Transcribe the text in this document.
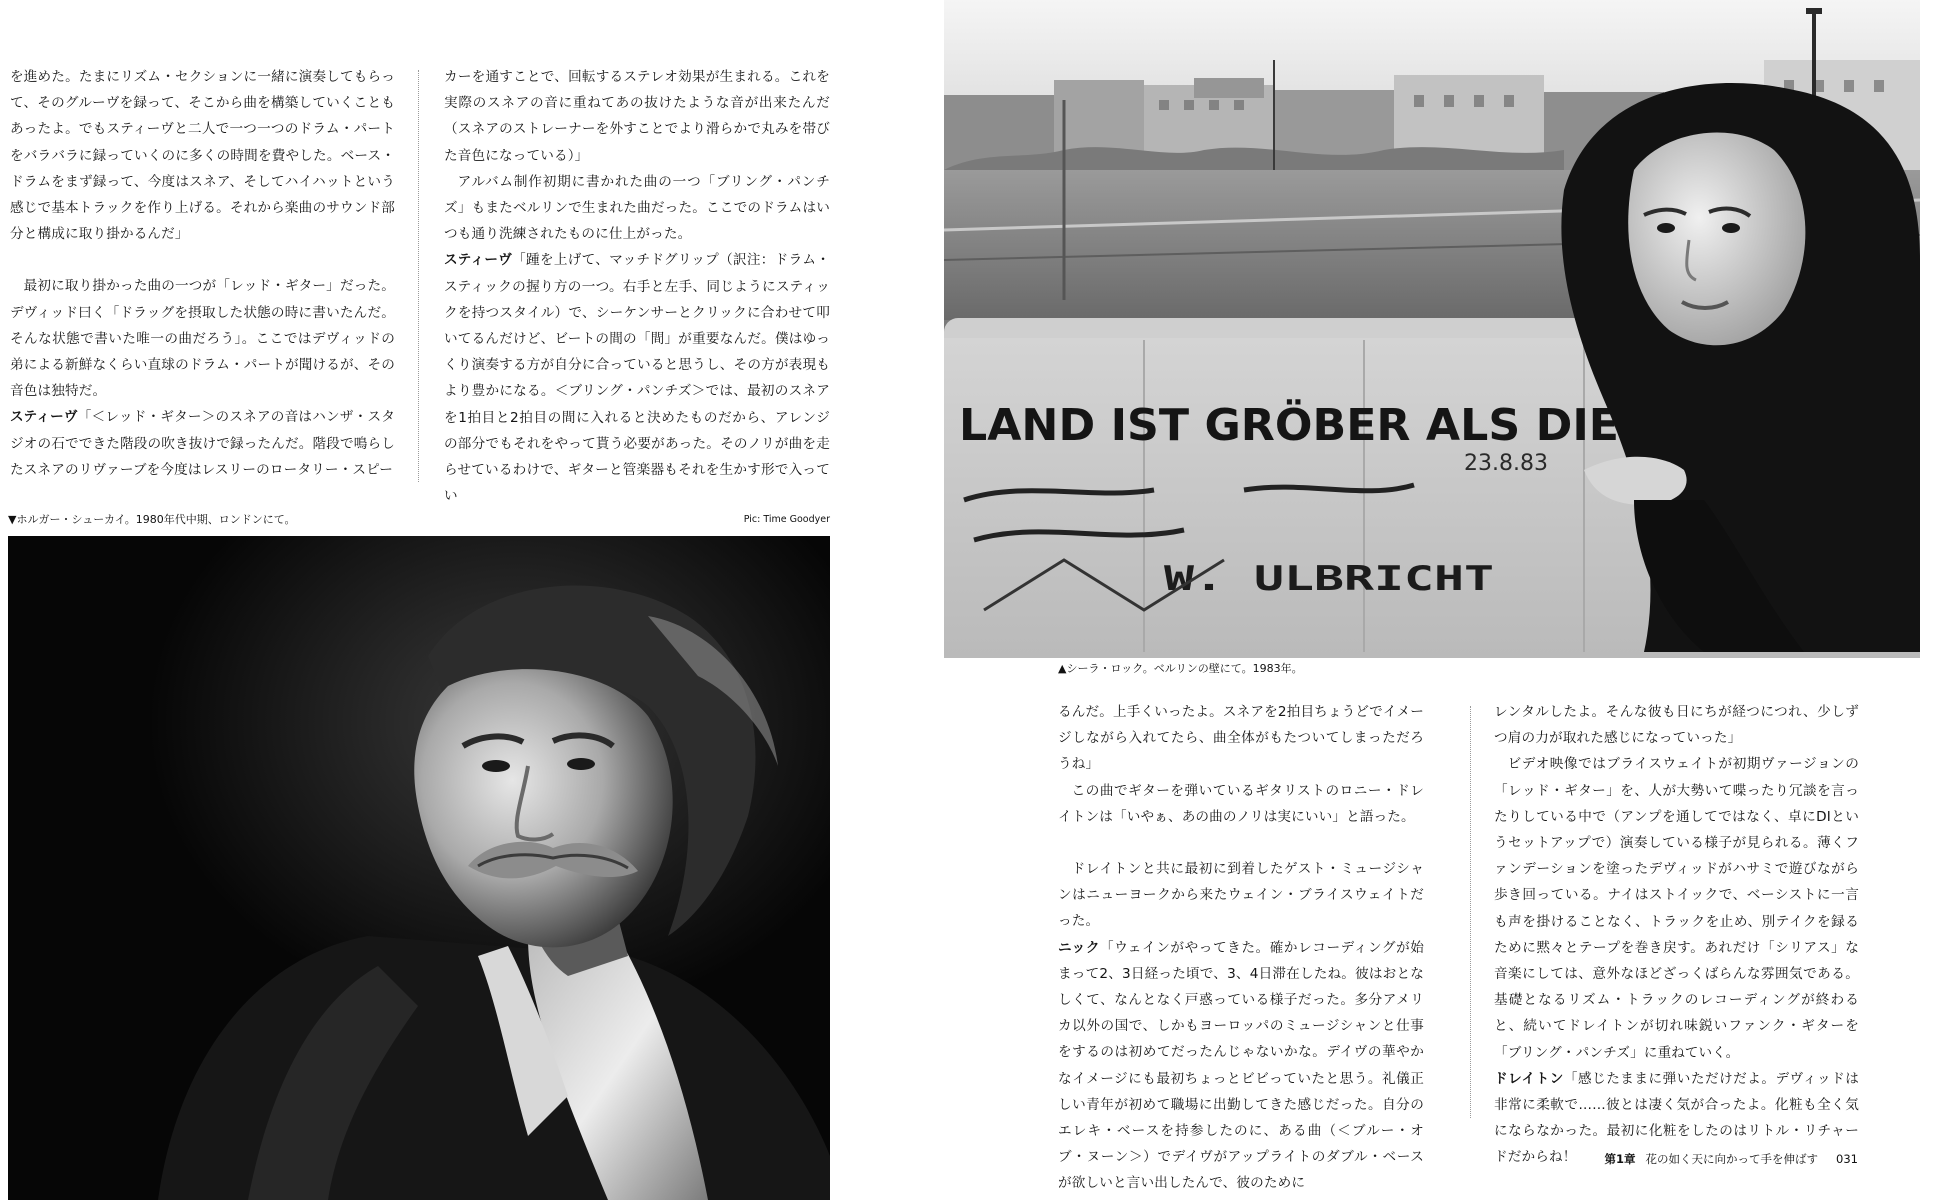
を進めた。たまにリズム・セクションに一緒に演奏してもらって、そのグルーヴを録って、そこから曲を構築していくこともあったよ。でもスティーヴと二人で一つ一つのドラム・パートをバラバラに録っていくのに多くの時間を費やした。ベース・ドラムをまず録って、今度はスネア、そしてハイハットという感じで基本トラックを作り上げる。それから楽曲のサウンド部分と構成に取り掛かるんだ」

最初に取り掛かった曲の一つが「レッド・ギター」だった。デヴィッド曰く「ドラッグを摂取した状態の時に書いたんだ。そんな状態で書いた唯一の曲だろう」。ここではデヴィッドの弟による新鮮なくらい直球のドラム・パートが聞けるが、その音色は独特だ。

スティーヴ「＜レッド・ギター＞のスネアの音はハンザ・スタジオの石でできた階段の吹き抜けで録ったんだ。階段で鳴らしたスネアのリヴァーブを今度はレスリーのロータリー・スピー

カーを通すことで、回転するステレオ効果が生まれる。これを実際のスネアの音に重ねてあの抜けたような音が出来たんだ（スネアのストレーナーを外すことでより滑らかで丸みを帯びた音色になっている）」

アルバム制作初期に書かれた曲の一つ「ブリング・パンチズ」もまたベルリンで生まれた曲だった。ここでのドラムはいつも通り洗練されたものに仕上がった。

スティーヴ「踵を上げて、マッチドグリップ（訳注：ドラム・スティックの握り方の一つ。右手と左手、同じようにスティックを持つスタイル）で、シーケンサーとクリックに合わせて叩いてるんだけど、ビートの間の「間」が重要なんだ。僕はゆっくり演奏する方が自分に合っていると思うし、その方が表現もより豊かになる。＜ブリング・パンチズ＞では、最初のスネアを1拍目と2拍目の間に入れると決めたものだから、アレンジの部分でもそれをやって貰う必要があった。そのノリが曲を走らせているわけで、ギターと管楽器もそれを生かす形で入ってい

▼ホルガー・シューカイ。1980年代中期、ロンドンにて。	Pic: Time Goodyer
LAND IST GRÖBER ALS DIE
W. ULBRICHT
23.8.83
▲シーラ・ロック。ベルリンの壁にて。1983年。

るんだ。上手くいったよ。スネアを2拍目ちょうどでイメージしながら入れてたら、曲全体がもたついてしまっただろうね」

この曲でギターを弾いているギタリストのロニー・ドレイトンは「いやぁ、あの曲のノリは実にいい」と語った。

ドレイトンと共に最初に到着したゲスト・ミュージシャンはニューヨークから来たウェイン・ブライスウェイトだった。

ニック「ウェインがやってきた。確かレコーディングが始まって2、3日経った頃で、3、4日滞在したね。彼はおとなしくて、なんとなく戸惑っている様子だった。多分アメリカ以外の国で、しかもヨーロッパのミュージシャンと仕事をするのは初めてだったんじゃないかな。デイヴの華やかなイメージにも最初ちょっとビビっていたと思う。礼儀正しい青年が初めて職場に出勤してきた感じだった。自分のエレキ・ベースを持参したのに、ある曲（＜ブルー・オブ・ヌーン＞）でデイヴがアップライトのダブル・ベースが欲しいと言い出したんで、彼のために

レンタルしたよ。そんな彼も日にちが経つにつれ、少しずつ肩の力が取れた感じになっていった」

ビデオ映像ではブライスウェイトが初期ヴァージョンの「レッド・ギター」を、人が大勢いて喋ったり冗談を言ったりしている中で（アンプを通してではなく、卓にDIというセットアップで）演奏している様子が見られる。薄くファンデーションを塗ったデヴィッドがハサミで遊びながら歩き回っている。ナイはストイックで、ベーシストに一言も声を掛けることなく、トラックを止め、別テイクを録るために黙々とテープを巻き戻す。あれだけ「シリアス」な音楽にしては、意外なほどざっくばらんな雰囲気である。基礎となるリズム・トラックのレコーディングが終わると、続いてドレイトンが切れ味鋭いファンク・ギターを「ブリング・パンチズ」に重ねていく。

ドレイトン「感じたままに弾いただけだよ。デヴィッドは非常に柔軟で……彼とは凄く気が合ったよ。化粧も全く気にならなかった。最初に化粧をしたのはリトル・リチャードだからね！	第1章 花の如く天に向かって手を伸ばす 031
